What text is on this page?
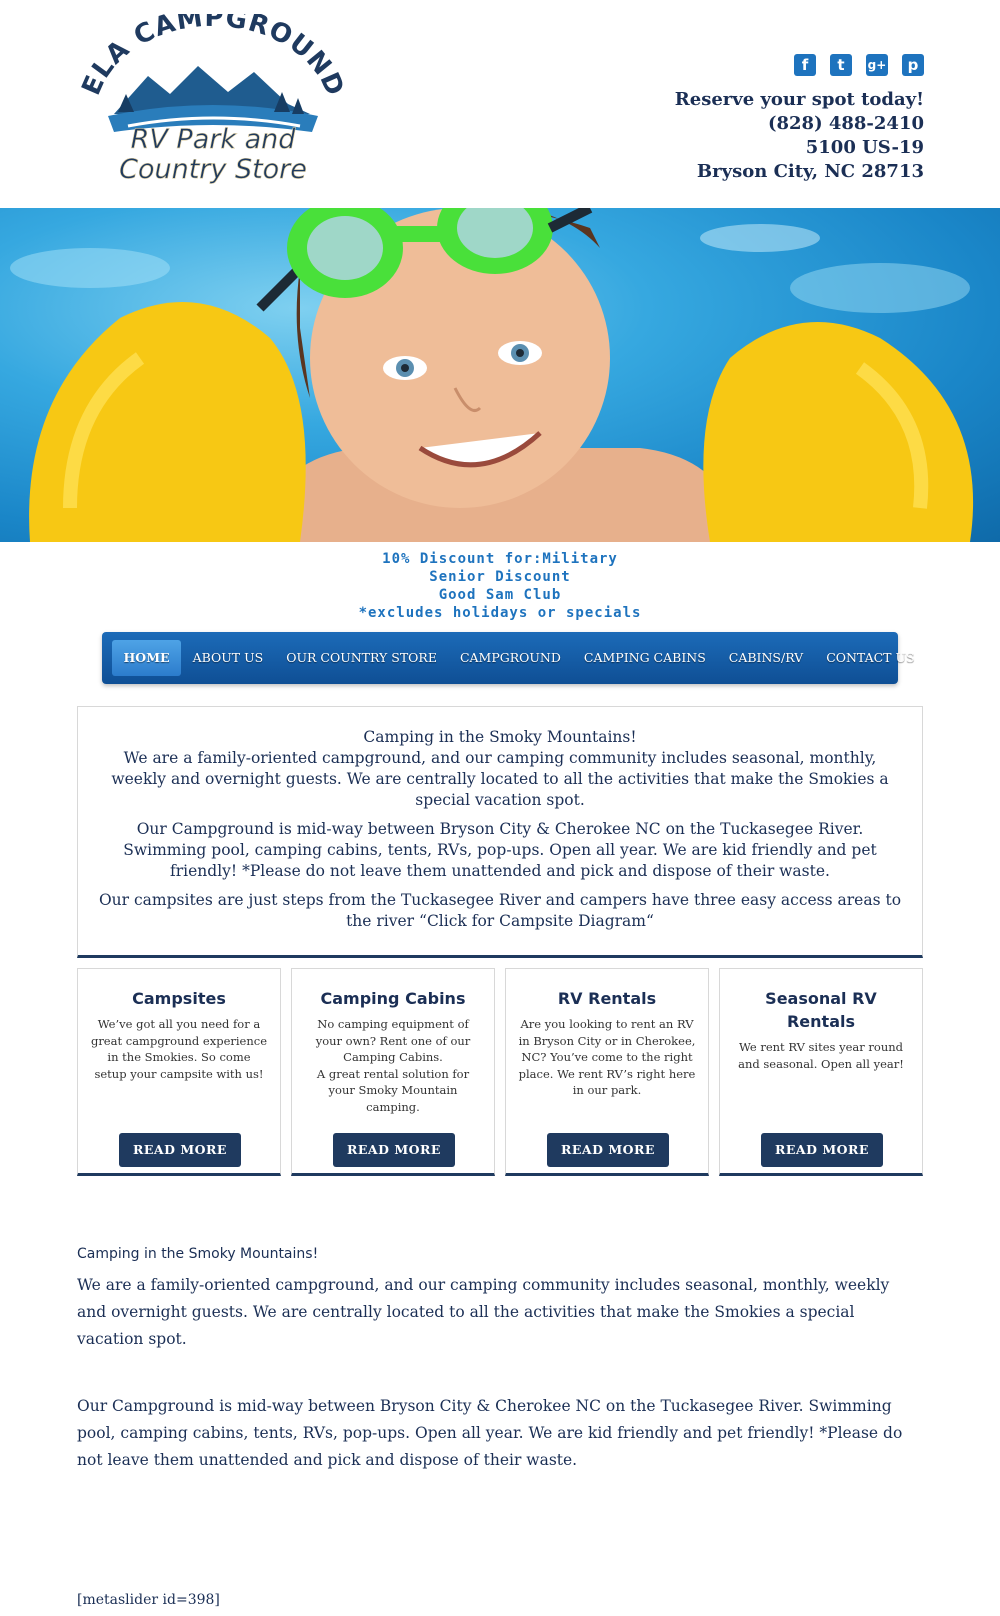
ELA CAMPGROUND
RV Park and
Country Store
f	t	g+	p
Reserve your spot today!
(828) 488-2410
5100 US-19
Bryson City, NC 28713
10% Discount for:Military
Senior Discount
Good Sam Club
*excludes holidays or specials
HOME	ABOUT US	OUR COUNTRY STORE	CAMPGROUND	CAMPING CABINS	CABINS/RV	CONTACT US

Camping in the Smoky Mountains!
We are a family-oriented campground, and our camping community includes seasonal, monthly, weekly and overnight guests. We are centrally located to all the activities that make the Smokies a special vacation spot.

Our Campground is mid-way between Bryson City & Cherokee NC on the Tuckasegee River. Swimming pool, camping cabins, tents, RVs, pop-ups. Open all year. We are kid friendly and pet friendly! *Please do not leave them unattended and pick and dispose of their waste.

Our campsites are just steps from the Tuckasegee River and campers have three easy access areas to the river “Click for Campsite Diagram“

Campsites
We’ve got all you need for a great campground experience in the Smokies. So come setup your campsite with us!
READ MORE
Camping Cabins
No camping equipment of your own? Rent one of our Camping Cabins.
A great rental solution for your Smoky Mountain camping.
READ MORE
RV Rentals
Are you looking to rent an RV in Bryson City or in Cherokee, NC? You’ve come to the right place. We rent RV’s right here in our park.
READ MORE
Seasonal RV Rentals
We rent RV sites year round and seasonal. Open all year!
READ MORE
Camping in the Smoky Mountains!

We are a family-oriented campground, and our camping community includes seasonal, monthly, weekly and overnight guests. We are centrally located to all the activities that make the Smokies a special vacation spot.

Our Campground is mid-way between Bryson City & Cherokee NC on the Tuckasegee River. Swimming pool, camping cabins, tents, RVs, pop-ups. Open all year. We are kid friendly and pet friendly! *Please do not leave them unattended and pick and dispose of their waste.

[metaslider id=398]
